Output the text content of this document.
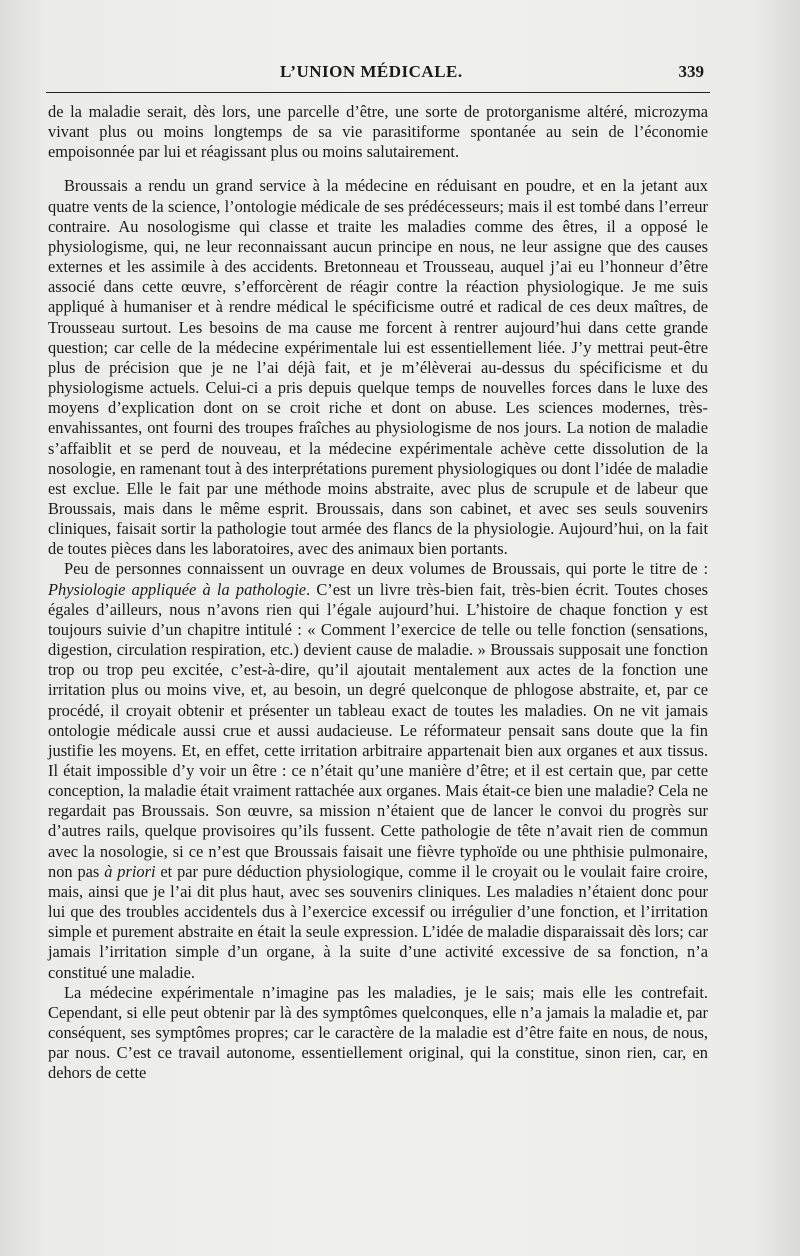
L’UNION MÉDICALE.	339

de la maladie serait, dès lors, une parcelle d’être, une sorte de protorganisme altéré, microzyma vivant plus ou moins longtemps de sa vie parasitiforme spontanée au sein de l’économie empoisonnée par lui et réagissant plus ou moins salutairement.

Broussais a rendu un grand service à la médecine en réduisant en poudre, et en la jetant aux quatre vents de la science, l’ontologie médicale de ses prédécesseurs; mais il est tombé dans l’erreur contraire. Au nosologisme qui classe et traite les maladies comme des êtres, il a opposé le physiologisme, qui, ne leur reconnaissant aucun principe en nous, ne leur assigne que des causes externes et les assimile à des accidents. Bretonneau et Trousseau, auquel j’ai eu l’honneur d’être associé dans cette œuvre, s’efforcèrent de réagir contre la réaction physiologique. Je me suis appliqué à humaniser et à rendre médical le spécificisme outré et radical de ces deux maîtres, de Trousseau surtout. Les besoins de ma cause me forcent à rentrer aujourd’hui dans cette grande question; car celle de la médecine expérimentale lui est essentiellement liée. J’y mettrai peut-être plus de précision que je ne l’ai déjà fait, et je m’élèverai au-dessus du spécificisme et du physiologisme actuels. Celui-ci a pris depuis quelque temps de nouvelles forces dans le luxe des moyens d’explication dont on se croit riche et dont on abuse. Les sciences modernes, très-envahissantes, ont fourni des troupes fraîches au physiologisme de nos jours. La notion de maladie s’affaiblit et se perd de nouveau, et la médecine expérimentale achève cette dissolution de la nosologie, en ramenant tout à des interprétations purement physiologiques ou dont l’idée de maladie est exclue. Elle le fait par une méthode moins abstraite, avec plus de scrupule et de labeur que Broussais, mais dans le même esprit. Broussais, dans son cabinet, et avec ses seuls souvenirs cliniques, faisait sortir la pathologie tout armée des flancs de la physiologie. Aujourd’hui, on la fait de toutes pièces dans les laboratoires, avec des animaux bien portants.

Peu de personnes connaissent un ouvrage en deux volumes de Broussais, qui porte le titre de : Physiologie appliquée à la pathologie. C’est un livre très-bien fait, très-bien écrit. Toutes choses égales d’ailleurs, nous n’avons rien qui l’égale aujourd’hui. L’histoire de chaque fonction y est toujours suivie d’un chapitre intitulé : « Comment l’exercice de telle ou telle fonction (sensations, digestion, circulation respiration, etc.) devient cause de maladie. » Broussais supposait une fonction trop ou trop peu excitée, c’est-à-dire, qu’il ajoutait mentalement aux actes de la fonction une irritation plus ou moins vive, et, au besoin, un degré quelconque de phlogose abstraite, et, par ce procédé, il croyait obtenir et présenter un tableau exact de toutes les maladies. On ne vit jamais ontologie médicale aussi crue et aussi audacieuse. Le réformateur pensait sans doute que la fin justifie les moyens. Et, en effet, cette irritation arbitraire appartenait bien aux organes et aux tissus. Il était impossible d’y voir un être : ce n’était qu’une manière d’être; et il est certain que, par cette conception, la maladie était vraiment rattachée aux organes. Mais était-ce bien une maladie? Cela ne regardait pas Broussais. Son œuvre, sa mission n’étaient que de lancer le convoi du progrès sur d’autres rails, quelque provisoires qu’ils fussent. Cette pathologie de tête n’avait rien de commun avec la nosologie, si ce n’est que Broussais faisait une fièvre typhoïde ou une phthisie pulmonaire, non pas à priori et par pure déduction physiologique, comme il le croyait ou le voulait faire croire, mais, ainsi que je l’ai dit plus haut, avec ses souvenirs cliniques. Les maladies n’étaient donc pour lui que des troubles accidentels dus à l’exercice excessif ou irrégulier d’une fonction, et l’irritation simple et purement abstraite en était la seule expression. L’idée de maladie disparaissait dès lors; car jamais l’irritation simple d’un organe, à la suite d’une activité excessive de sa fonction, n’a constitué une maladie.

La médecine expérimentale n’imagine pas les maladies, je le sais; mais elle les contrefait. Cependant, si elle peut obtenir par là des symptômes quelconques, elle n’a jamais la maladie et, par conséquent, ses symptômes propres; car le caractère de la maladie est d’être faite en nous, de nous, par nous. C’est ce travail autonome, essentiellement original, qui la constitue, sinon rien, car, en dehors de cette
